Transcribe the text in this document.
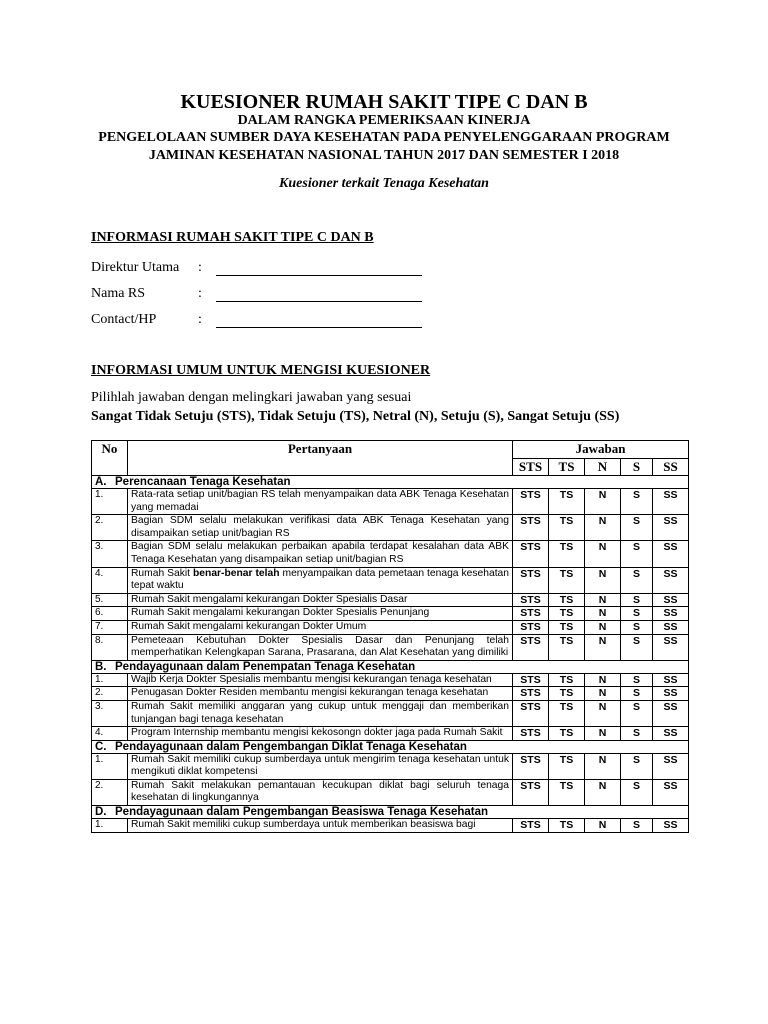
KUESIONER RUMAH SAKIT TIPE C DAN B
DALAM RANGKA PEMERIKSAAN KINERJA
PENGELOLAAN SUMBER DAYA KESEHATAN PADA PENYELENGGARAAN PROGRAM
JAMINAN KESEHATAN NASIONAL TAHUN 2017 DAN SEMESTER I 2018
Kuesioner terkait Tenaga Kesehatan
INFORMASI RUMAH SAKIT TIPE C DAN B
Direktur Utama :
Nama RS	:
Contact/HP	:
INFORMASI UMUM UNTUK MENGISI KUESIONER
Pilihlah jawaban dengan melingkari jawaban yang sesuai
Sangat Tidak Setuju (STS), Tidak Setuju (TS), Netral (N), Setuju (S), Sangat Setuju (SS)
No	Pertanyaan	Jawaban				
		STS	TS	N	S	SS
A. Perencanaan Tenaga Kesehatan						
1.	Rata-rata setiap unit/bagian RS telah menyampaikan data ABK Tenaga Kesehatan yang memadai	STS	TS	N	S	SS
2.	Bagian SDM selalu melakukan verifikasi data ABK Tenaga Kesehatan yang disampaikan setiap unit/bagian RS	STS	TS	N	S	SS
3.	Bagian SDM selalu melakukan perbaikan apabila terdapat kesalahan data ABK Tenaga Kesehatan yang disampaikan setiap unit/bagian RS	STS	TS	N	S	SS
4.	Rumah Sakit benar-benar telah menyampaikan data pemetaan tenaga kesehatan tepat waktu	STS	TS	N	S	SS
5.	Rumah Sakit mengalami kekurangan Dokter Spesialis Dasar	STS	TS	N	S	SS
6.	Rumah Sakit mengalami kekurangan Dokter Spesialis Penunjang	STS	TS	N	S	SS
7.	Rumah Sakit mengalami kekurangan Dokter Umum	STS	TS	N	S	SS
8.	Pemeteaan Kebutuhan Dokter Spesialis Dasar dan Penunjang telah memperhatikan Kelengkapan Sarana, Prasarana, dan Alat Kesehatan yang dimiliki	STS	TS	N	S	SS
B. Pendayagunaan dalam Penempatan Tenaga Kesehatan						
1.	Wajib Kerja Dokter Spesialis membantu mengisi kekurangan tenaga kesehatan	STS	TS	N	S	SS
2.	Penugasan Dokter Residen membantu mengisi kekurangan tenaga kesehatan	STS	TS	N	S	SS
3.	Rumah Sakit memiliki anggaran yang cukup untuk menggaji dan memberikan tunjangan bagi tenaga kesehatan	STS	TS	N	S	SS
4.	Program Internship membantu mengisi kekosongn dokter jaga pada Rumah Sakit	STS	TS	N	S	SS
C. Pendayagunaan dalam Pengembangan Diklat Tenaga Kesehatan						
1.	Rumah Sakit memiliki cukup sumberdaya untuk mengirim tenaga kesehatan untuk mengikuti diklat kompetensi	STS	TS	N	S	SS
2.	Rumah Sakit melakukan pemantauan kecukupan diklat bagi seluruh tenaga kesehatan di lingkungannya	STS	TS	N	S	SS
D. Pendayagunaan dalam Pengembangan Beasiswa Tenaga Kesehatan						
1.	Rumah Sakit memiliki cukup sumberdaya untuk memberikan beasiswa bagi	STS	TS	N	S	SS
